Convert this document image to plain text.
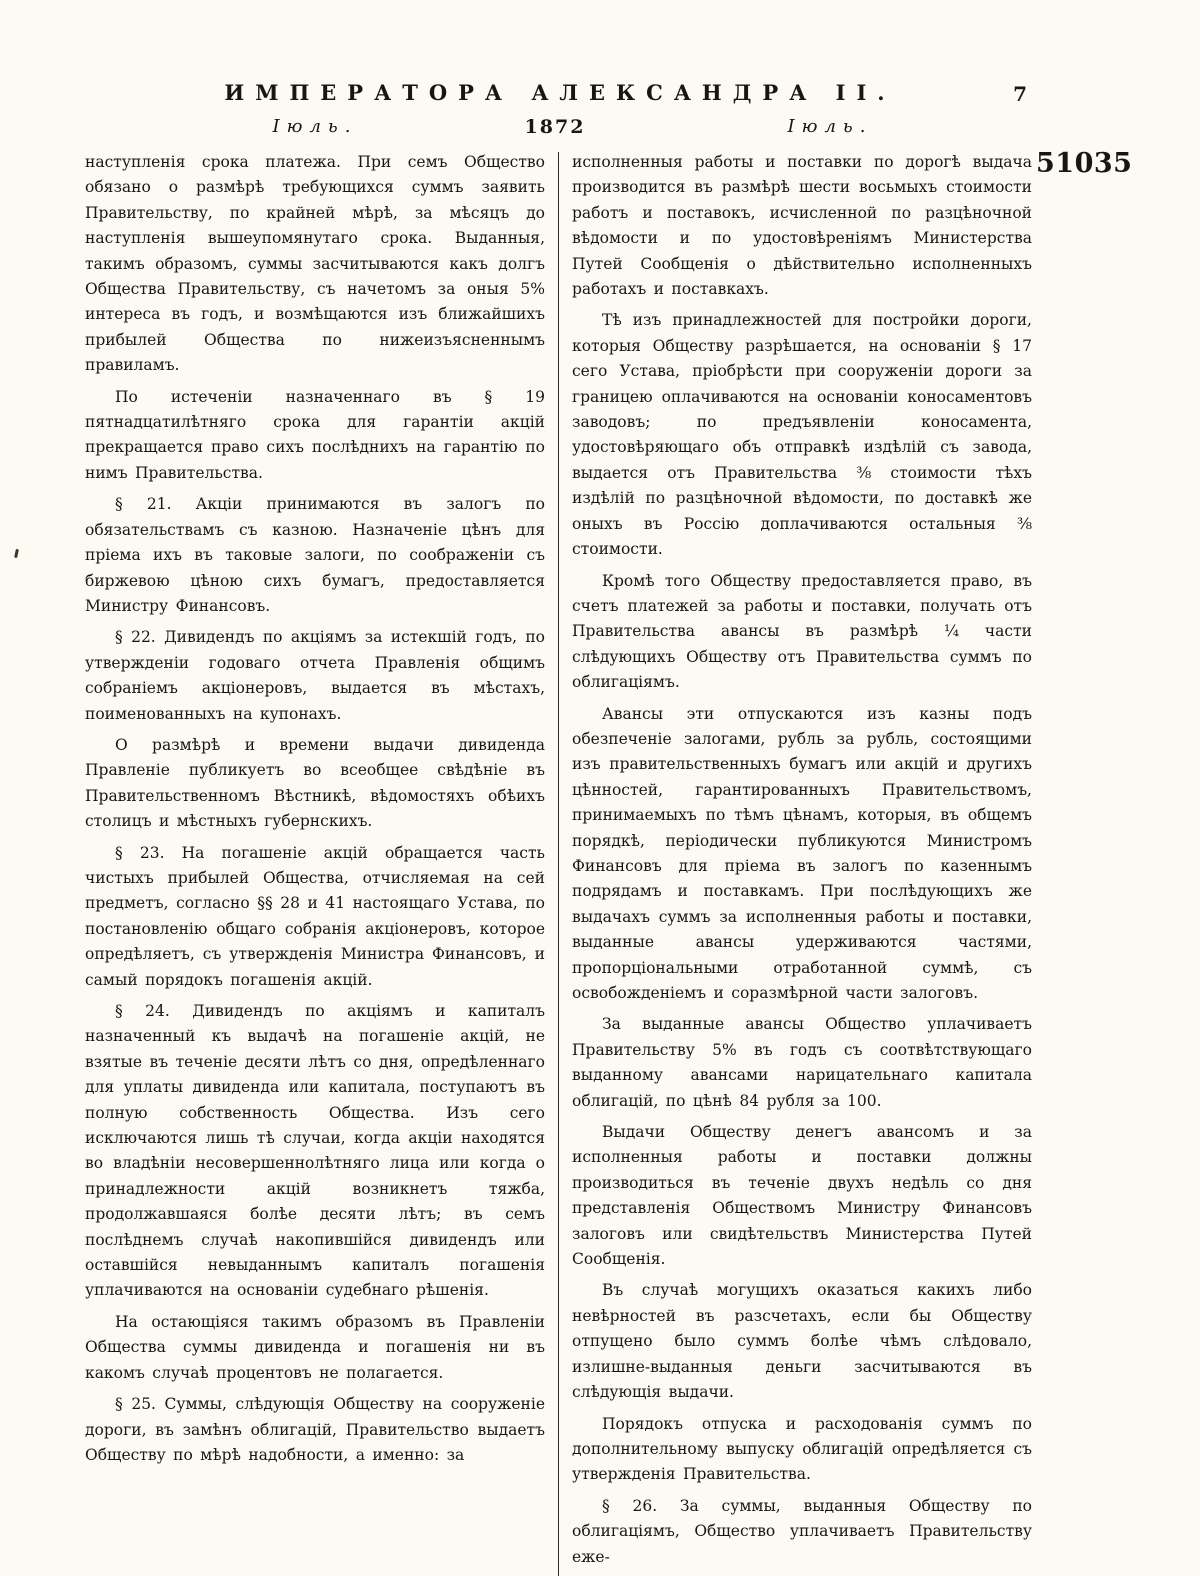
ИМПЕРАТОРА АЛЕКСАНДРА II.	7
Іюль.	1872	Іюль.
51035

наступленія срока платежа. При семъ Общество обязано о размѣрѣ требующихся суммъ заявить Правительству, по крайней мѣрѣ, за мѣсяцъ до наступленія вышеупомянутаго срока. Выданныя, такимъ образомъ, суммы засчитываются какъ долгъ Общества Правительству, съ начетомъ за оныя 5% интереса въ годъ, и возмѣщаются изъ ближайшихъ прибылей Общества по нижеизъясненнымъ правиламъ.

По истеченіи назначеннаго въ § 19 пятнадцатилѣтняго срока для гарантіи акцій прекращается право сихъ послѣднихъ на гарантію по нимъ Правительства.

§ 21. Акціи принимаются въ залогъ по обязательствамъ съ казною. Назначеніе цѣнъ для пріема ихъ въ таковые залоги, по соображеніи съ биржевою цѣною сихъ бумагъ, предоставляется Министру Финансовъ.

§ 22. Дивидендъ по акціямъ за истекшій годъ, по утвержденіи годоваго отчета Правленія общимъ собраніемъ акціонеровъ, выдается въ мѣстахъ, поименованныхъ на купонахъ.

О размѣрѣ и времени выдачи дивиденда Правленіе публикуетъ во всеобщее свѣдѣніе въ Правительственномъ Вѣстникѣ, вѣдомостяхъ обѣихъ столицъ и мѣстныхъ губернскихъ.

§ 23. На погашеніе акцій обращается часть чистыхъ прибылей Общества, отчисляемая на сей предметъ, согласно §§ 28 и 41 настоящаго Устава, по постановленію общаго собранія акціонеровъ, которое опредѣляетъ, съ утвержденія Министра Финансовъ, и самый порядокъ погашенія акцій.

§ 24. Дивидендъ по акціямъ и капиталъ назначенный къ выдачѣ на погашеніе акцій, не взятые въ теченіе десяти лѣтъ со дня, опредѣленнаго для уплаты дивиденда или капитала, поступаютъ въ полную собственность Общества. Изъ сего исключаются лишь тѣ случаи, когда акціи находятся во владѣніи несовершеннолѣтняго лица или когда о принадлежности акцій возникнетъ тяжба, продолжавшаяся болѣе десяти лѣтъ; въ семъ послѣднемъ случаѣ накопившійся дивидендъ или оставшійся невыданнымъ капиталъ погашенія уплачиваются на основаніи судебнаго рѣшенія.

На остающіяся такимъ образомъ въ Правленіи Общества суммы дивиденда и погашенія ни въ какомъ случаѣ процентовъ не полагается.

§ 25. Суммы, слѣдующія Обществу на сооруженіе дороги, въ замѣнъ облигацій, Правительство выдаетъ Обществу по мѣрѣ надобности, а именно: за

исполненныя работы и поставки по дорогѣ выдача производится въ размѣрѣ шести восьмыхъ стоимости работъ и поставокъ, исчисленной по разцѣночной вѣдомости и по удостовѣреніямъ Министерства Путей Сообщенія о дѣйствительно исполненныхъ работахъ и поставкахъ.

Тѣ изъ принадлежностей для постройки дороги, которыя Обществу разрѣшается, на основаніи § 17 сего Устава, пріобрѣсти при сооруженіи дороги за границею оплачиваются на основаніи коносаментовъ заводовъ; по предъявленіи коносамента, удостовѣряющаго объ отправкѣ издѣлій съ завода, выдается отъ Правительства ⅜ стоимости тѣхъ издѣлій по разцѣночной вѣдомости, по доставкѣ же оныхъ въ Россію доплачиваются остальныя ⅜ стоимости.

Кромѣ того Обществу предоставляется право, въ счетъ платежей за работы и поставки, получать отъ Правительства авансы въ размѣрѣ ¼ части слѣдующихъ Обществу отъ Правительства суммъ по облигаціямъ.

Авансы эти отпускаются изъ казны подъ обезпеченіе залогами, рубль за рубль, состоящими изъ правительственныхъ бумагъ или акцій и другихъ цѣнностей, гарантированныхъ Правительствомъ, принимаемыхъ по тѣмъ цѣнамъ, которыя, въ общемъ порядкѣ, періодически публикуются Министромъ Финансовъ для пріема въ залогъ по казеннымъ подрядамъ и поставкамъ. При послѣдующихъ же выдачахъ суммъ за исполненныя работы и поставки, выданные авансы удерживаются частями, пропорціональными отработанной суммѣ, съ освобожденіемъ и соразмѣрной части залоговъ.

За выданные авансы Общество уплачиваетъ Правительству 5% въ годъ съ соотвѣтствующаго выданному авансами нарицательнаго капитала облигацій, по цѣнѣ 84 рубля за 100.

Выдачи Обществу денегъ авансомъ и за исполненныя работы и поставки должны производиться въ теченіе двухъ недѣль со дня представленія Обществомъ Министру Финансовъ залоговъ или свидѣтельствъ Министерства Путей Сообщенія.

Въ случаѣ могущихъ оказаться какихъ либо невѣрностей въ разсчетахъ, если бы Обществу отпущено было суммъ болѣе чѣмъ слѣдовало, излишне-выданныя деньги засчитываются въ слѣдующія выдачи.

Порядокъ отпуска и расходованія суммъ по дополнительному выпуску облигацій опредѣляется съ утвержденія Правительства.

§ 26. За суммы, выданныя Обществу по облигаціямъ, Общество уплачиваетъ Правительству еже-
